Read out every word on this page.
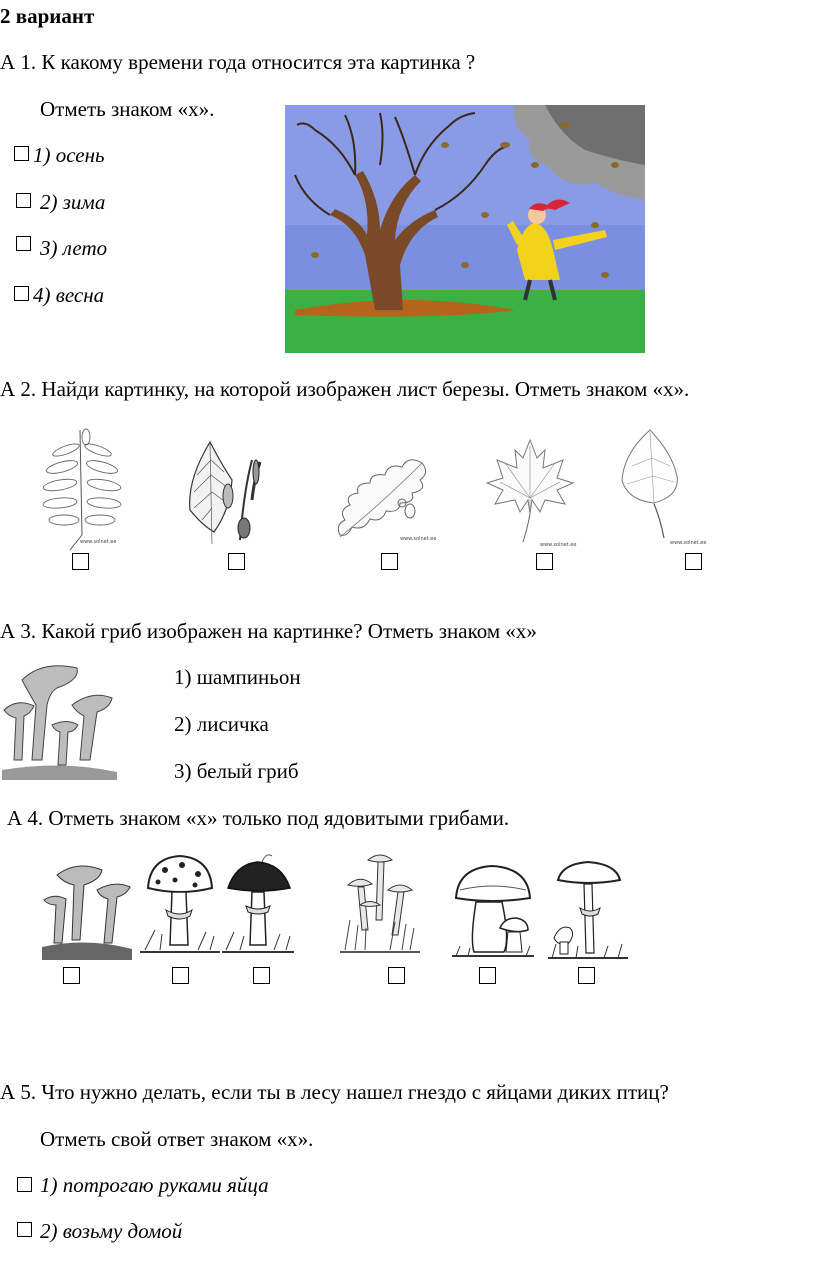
2 вариант
А 1. К какому времени года относится эта картинка ?
Отметь знаком «х».
1) осень
2) зима
3) лето
4) весна
А 2. Найди картинку, на которой изображен лист березы. Отметь знаком «х».
www.solnet.ee	www.solnet.ee
www.solnet.ee	www.solnet.ee
А 3. Какой гриб изображен на картинке? Отметь знаком «х»
1) шампиньон
2) лисичка
3) белый гриб
А 4. Отметь знаком «х» только под ядовитыми грибами.
А 5. Что нужно делать, если ты в лесу нашел гнездо с яйцами диких птиц?
Отметь свой ответ знаком «х».
1) потрогаю руками яйца
2) возьму домой
